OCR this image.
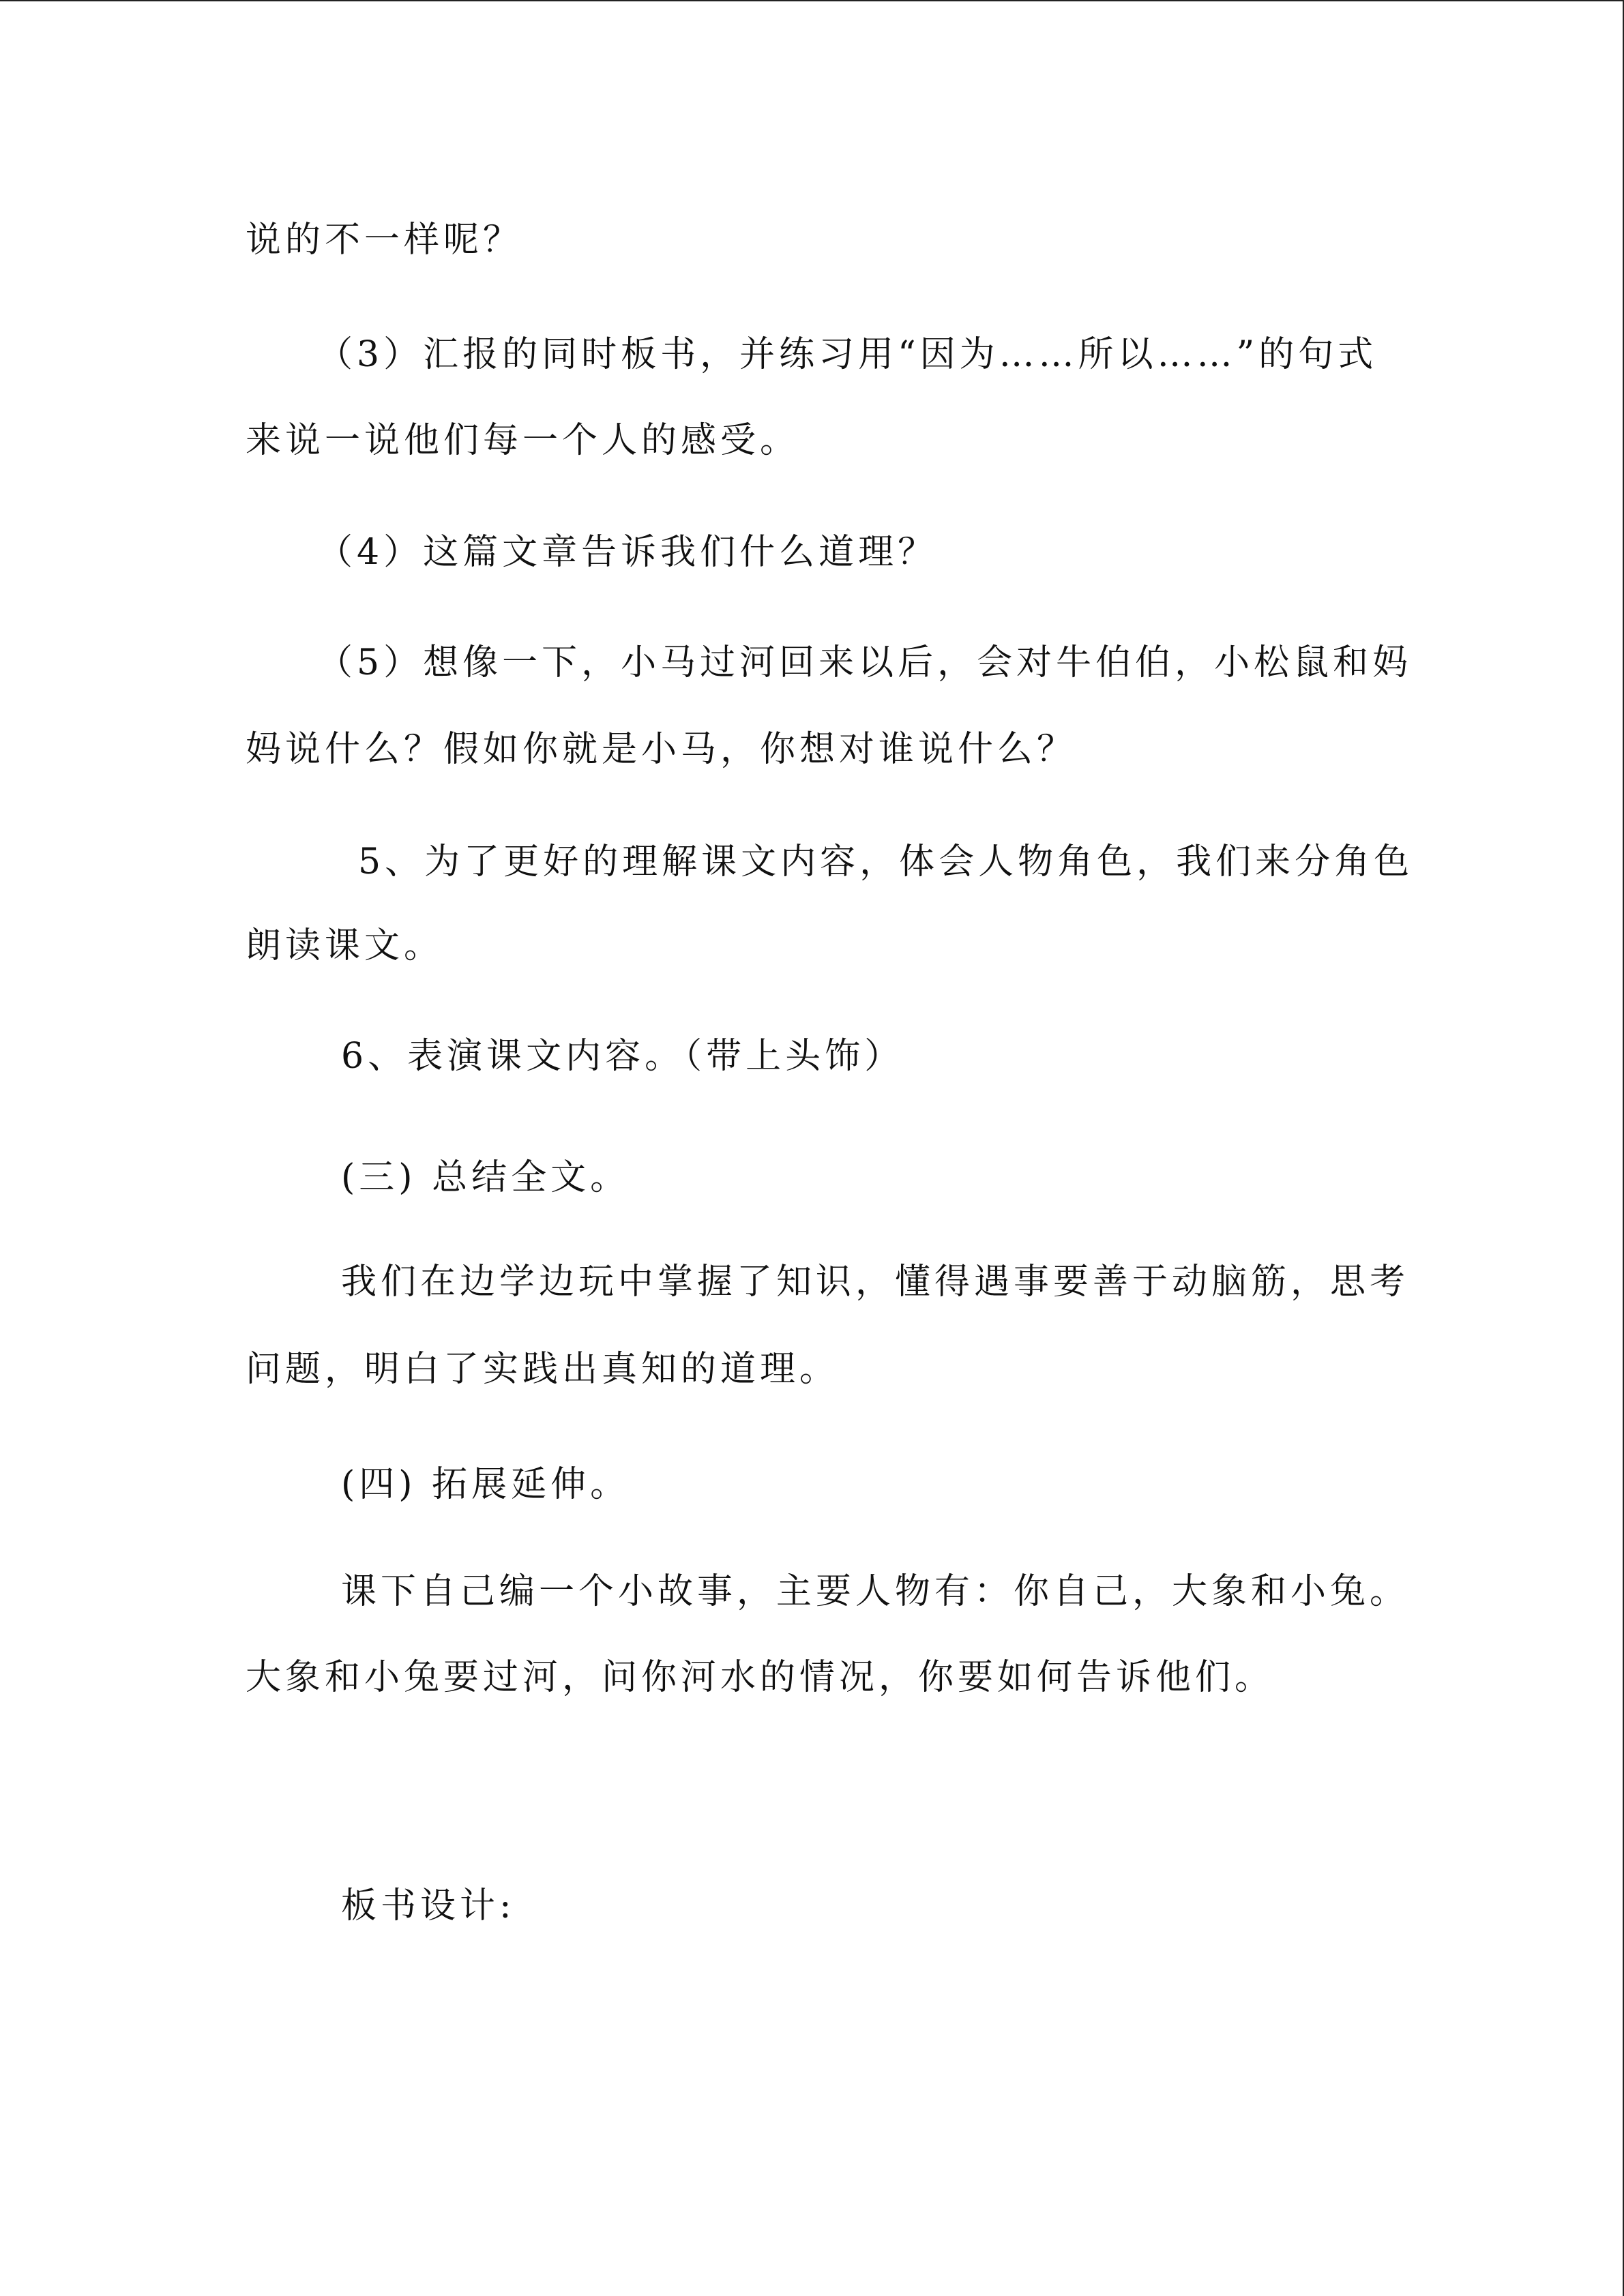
说的不一样呢？
（3）汇报的同时板书，并练习用“因为……所以……”的句式
来说一说他们每一个人的感受。
（4）这篇文章告诉我们什么道理？
（5）想像一下，小马过河回来以后，会对牛伯伯，小松鼠和妈
妈说什么？假如你就是小马，你想对谁说什么？
5、为了更好的理解课文内容，体会人物角色，我们来分角色
朗读课文。
6、表演课文内容。（带上头饰）
(三) 总结全文。
我们在边学边玩中掌握了知识，懂得遇事要善于动脑筋，思考
问题，明白了实践出真知的道理。
(四) 拓展延伸。
课下自己编一个小故事，主要人物有：你自己，大象和小兔。
大象和小兔要过河，问你河水的情况，你要如何告诉他们。
板书设计:
